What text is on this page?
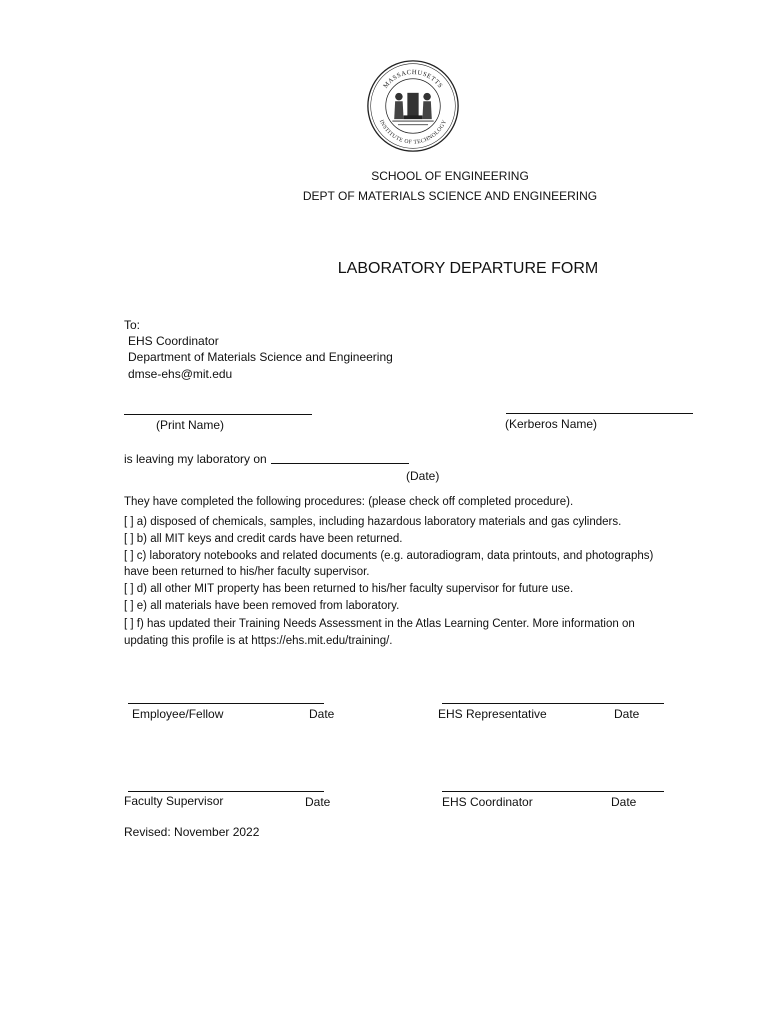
MASSACHUSETTS
INSTITUTE OF TECHNOLOGY
SCHOOL OF ENGINEERING
DEPT OF MATERIALS SCIENCE AND ENGINEERING
LABORATORY DEPARTURE FORM
To:
EHS Coordinator
Department of Materials Science and Engineering
dmse-ehs@mit.edu
(Print Name)	(Kerberos Name)
is leaving my laboratory on
(Date)
They have completed the following procedures: (please check off completed procedure).
[ ] a) disposed of chemicals, samples, including hazardous laboratory materials and gas cylinders.
[ ] b) all MIT keys and credit cards have been returned.
[ ] c) laboratory notebooks and related documents (e.g. autoradiogram, data printouts, and photographs)
have been returned to his/her faculty supervisor.
[ ] d) all other MIT property has been returned to his/her faculty supervisor for future use.
[ ] e) all materials have been removed from laboratory.
[ ] f) has updated their Training Needs Assessment in the Atlas Learning Center. More information on
updating this profile is at https://ehs.mit.edu/training/.
Employee/Fellow	Date	EHS Representative	Date
Faculty Supervisor	Date	EHS Coordinator	Date
Revised: November 2022
